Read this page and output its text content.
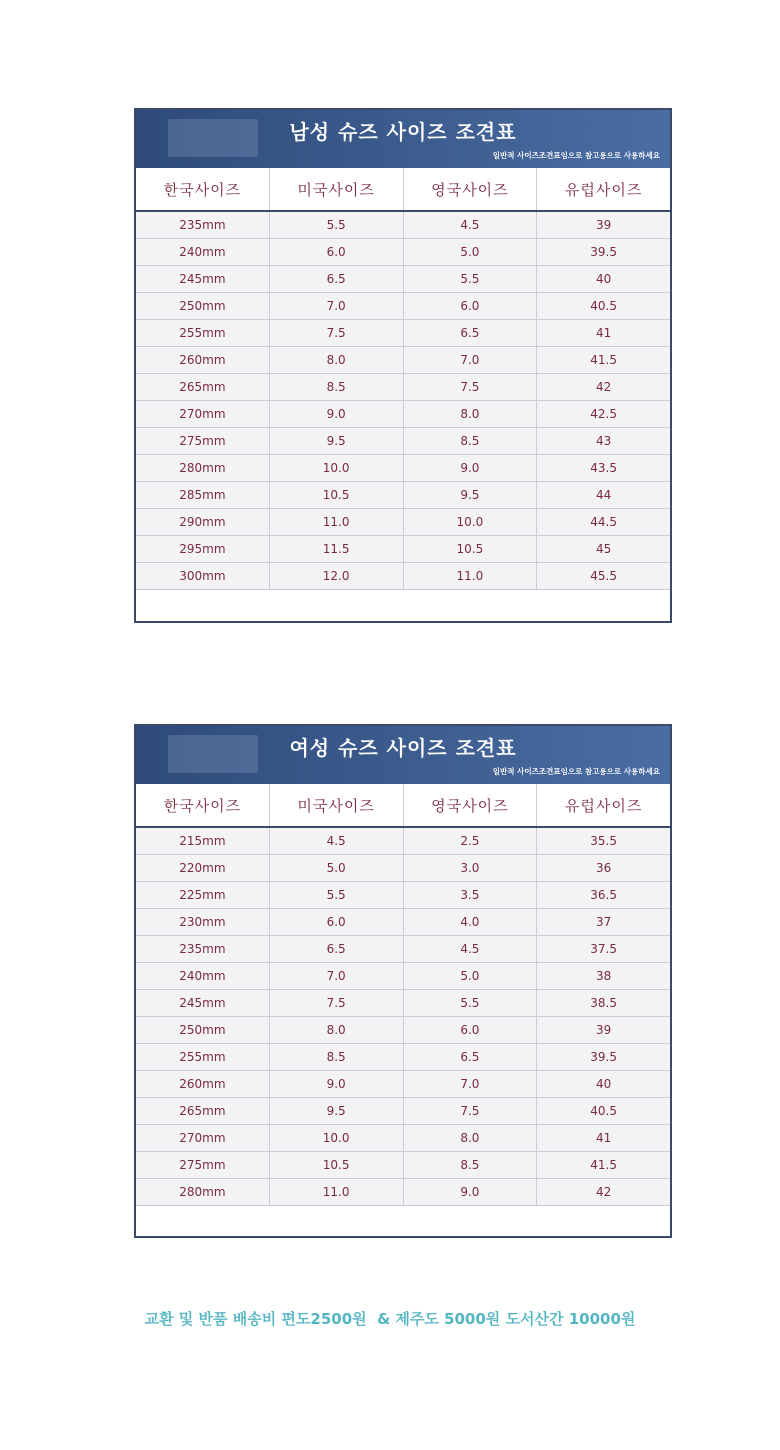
남성 슈즈 사이즈 조견표
일반적 사이즈조견표임으로 참고용으로 사용하세요
한국사이즈	미국사이즈	영국사이즈	유럽사이즈
235mm	5.5	4.5	39
240mm	6.0	5.0	39.5
245mm	6.5	5.5	40
250mm	7.0	6.0	40.5
255mm	7.5	6.5	41
260mm	8.0	7.0	41.5
265mm	8.5	7.5	42
270mm	9.0	8.0	42.5
275mm	9.5	8.5	43
280mm	10.0	9.0	43.5
285mm	10.5	9.5	44
290mm	11.0	10.0	44.5
295mm	11.5	10.5	45
300mm	12.0	11.0	45.5
여성 슈즈 사이즈 조견표
일반적 사이즈조견표임으로 참고용으로 사용하세요
한국사이즈	미국사이즈	영국사이즈	유럽사이즈
215mm	4.5	2.5	35.5
220mm	5.0	3.0	36
225mm	5.5	3.5	36.5
230mm	6.0	4.0	37
235mm	6.5	4.5	37.5
240mm	7.0	5.0	38
245mm	7.5	5.5	38.5
250mm	8.0	6.0	39
255mm	8.5	6.5	39.5
260mm	9.0	7.0	40
265mm	9.5	7.5	40.5
270mm	10.0	8.0	41
275mm	10.5	8.5	41.5
280mm	11.0	9.0	42
교환 및 반품 배송비 편도2500원  & 제주도 5000원 도서산간 10000원
